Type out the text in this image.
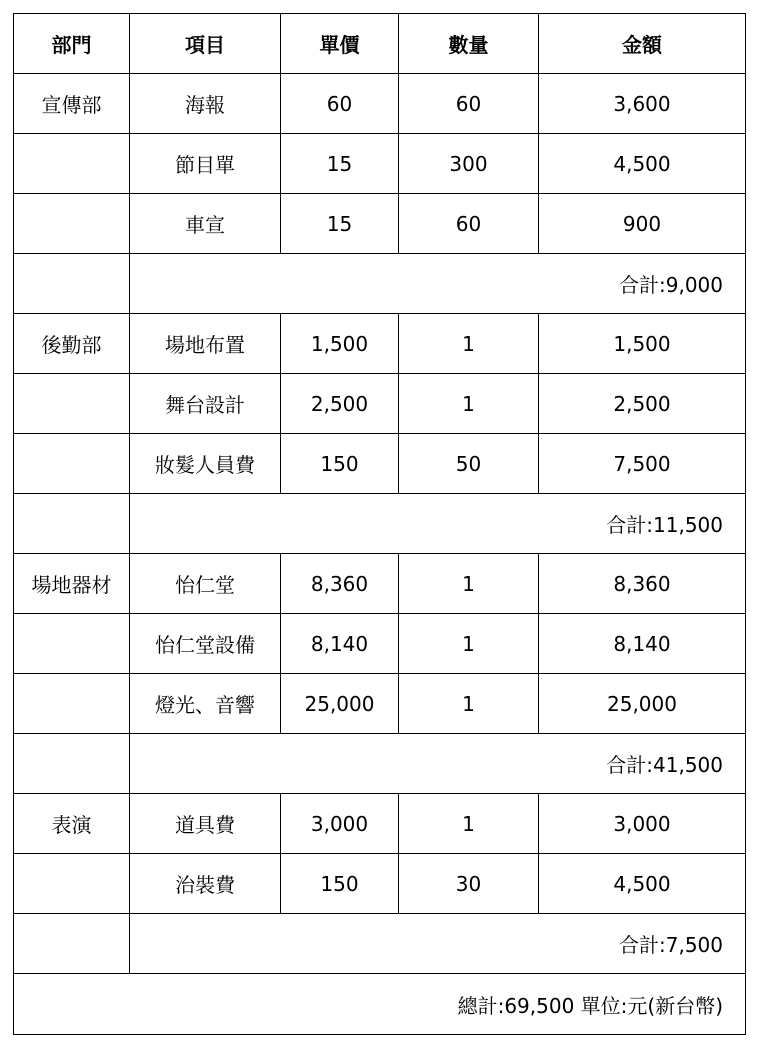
部門	項目	單價	數量	金額
宣傳部	海報	60	60	3,600
	節目單	15	300	4,500
	車宣	15	60	900
	合計:9,000			
後勤部	場地布置	1,500	1	1,500
	舞台設計	2,500	1	2,500
	妝髮人員費	150	50	7,500
	合計:11,500			
場地器材	怡仁堂	8,360	1	8,360
	怡仁堂設備	8,140	1	8,140
	燈光、音響	25,000	1	25,000
	合計:41,500			
表演	道具費	3,000	1	3,000
	治裝費	150	30	4,500
	合計:7,500			
總計:69,500 單位:元(新台幣)				
